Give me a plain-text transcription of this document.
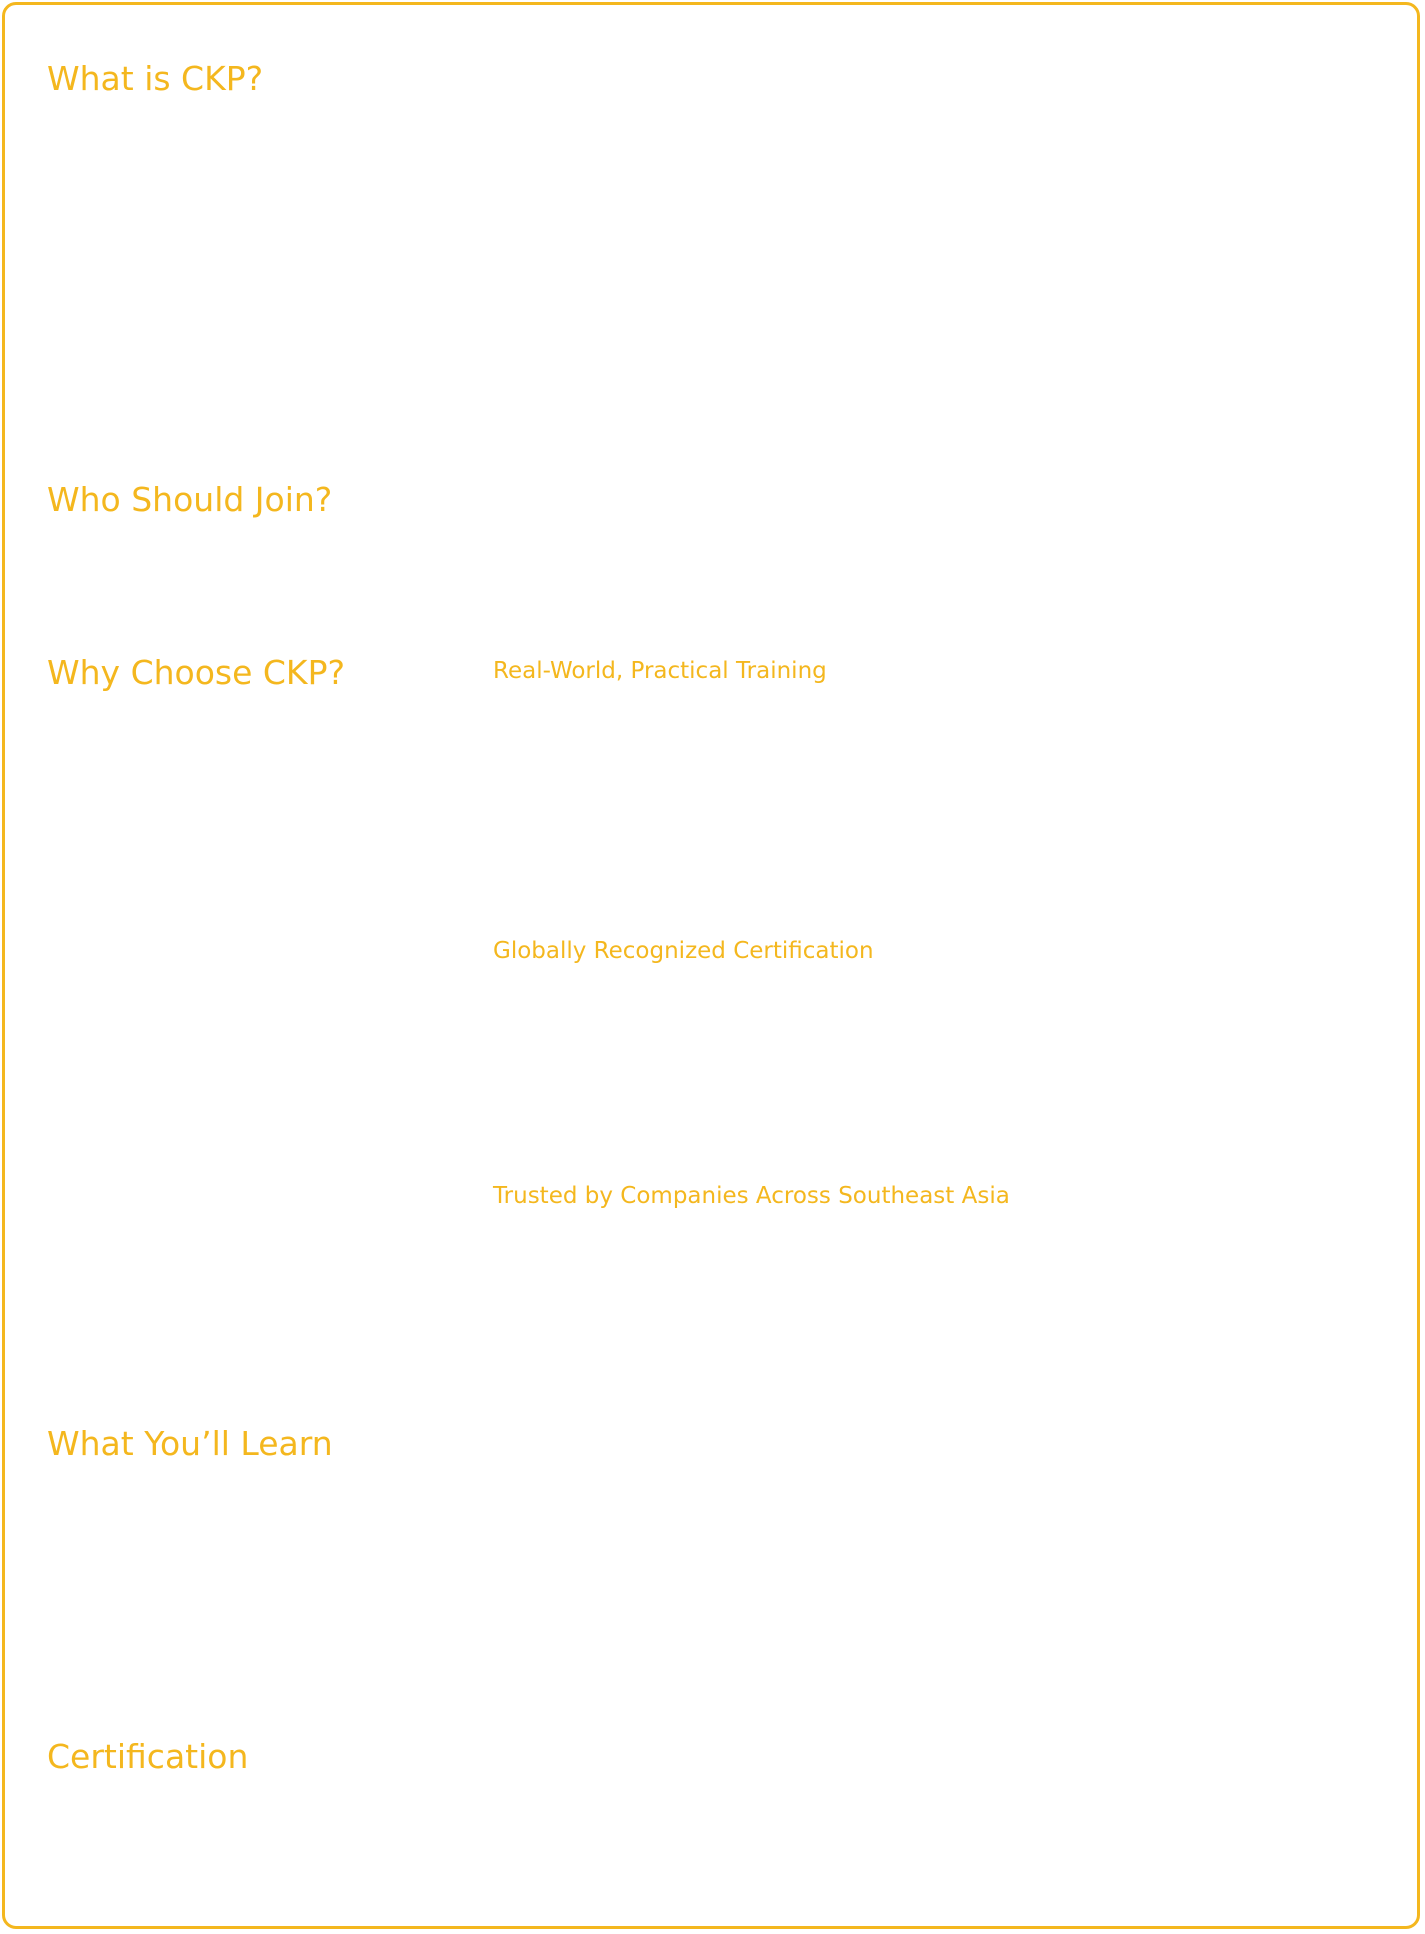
What is CKP?
Who Should Join?
Why Choose CKP?	Real-World, Practical Training

Globally Recognized Certification

Trusted by Companies Across Southeast Asia

What You’ll Learn
Certification
